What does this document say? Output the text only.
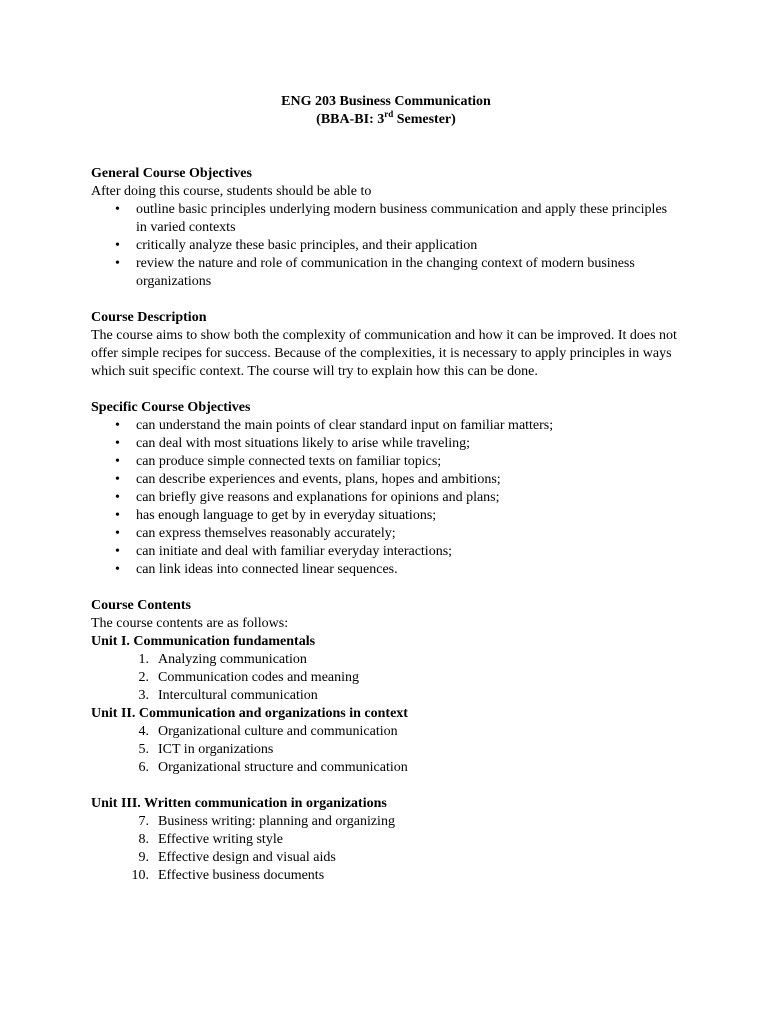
ENG 203 Business Communication
(BBA-BI: 3rd Semester)
General Course Objectives
After doing this course, students should be able to
• outline basic principles underlying modern business communication and apply these principles in varied contexts
• critically analyze these basic principles, and their application
• review the nature and role of communication in the changing context of modern business organizations
Course Description
The course aims to show both the complexity of communication and how it can be improved. It does not offer simple recipes for success. Because of the complexities, it is necessary to apply principles in ways which suit specific context. The course will try to explain how this can be done.
Specific Course Objectives
• can understand the main points of clear standard input on familiar matters;
• can deal with most situations likely to arise while traveling;
• can produce simple connected texts on familiar topics;
• can describe experiences and events, plans, hopes and ambitions;
• can briefly give reasons and explanations for opinions and plans;
• has enough language to get by in everyday situations;
• can express themselves reasonably accurately;
• can initiate and deal with familiar everyday interactions;
• can link ideas into connected linear sequences.
Course Contents
The course contents are as follows:
Unit I. Communication fundamentals
1. Analyzing communication
2. Communication codes and meaning
3. Intercultural communication
Unit II. Communication and organizations in context
4. Organizational culture and communication
5. ICT in organizations
6. Organizational structure and communication
Unit III. Written communication in organizations
7. Business writing: planning and organizing
8. Effective writing style
9. Effective design and visual aids
10. Effective business documents
